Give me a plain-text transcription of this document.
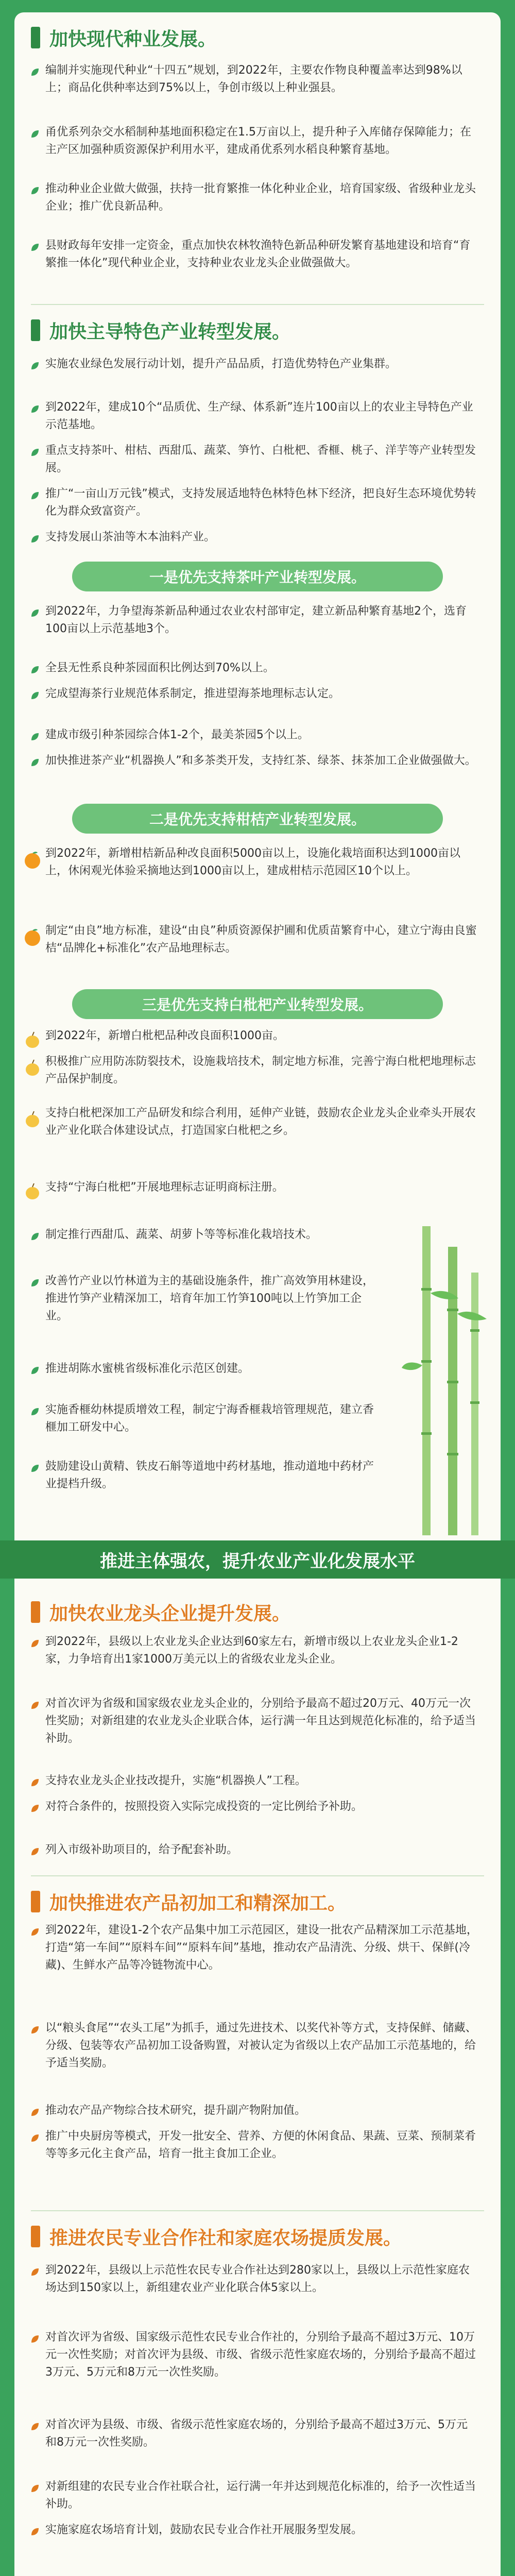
加快现代种业发展。
编制并实施现代种业“十四五”规划，到2022年，主要农作物良种覆盖率达到98%以上；商品化供种率达到75%以上，争创市级以上种业强县。
甬优系列杂交水稻制种基地面积稳定在1.5万亩以上，提升种子入库储存保障能力；在主产区加强种质资源保护利用水平，建成甬优系列水稻良种繁育基地。
推动种业企业做大做强，扶持一批育繁推一体化种业企业，培育国家级、省级种业龙头企业；推广优良新品种。
县财政每年安排一定资金，重点加快农林牧渔特色新品种研发繁育基地建设和培育“育繁推一体化”现代种业企业，支持种业农业龙头企业做强做大。
加快主导特色产业转型发展。
实施农业绿色发展行动计划，提升产品品质，打造优势特色产业集群。
到2022年，建成10个“品质优、生产绿、体系新”连片100亩以上的农业主导特色产业示范基地。
重点支持茶叶、柑桔、西甜瓜、蔬菜、笋竹、白枇杷、香榧、桃子、洋芋等产业转型发展。
推广“一亩山万元钱”模式，支持发展适地特色林特色林下经济，把良好生态环境优势转化为群众致富资产。
支持发展山茶油等木本油料产业。
一是优先支持茶叶产业转型发展。
到2022年，力争望海茶新品种通过农业农村部审定，建立新品种繁育基地2个，选育100亩以上示范基地3个。
全县无性系良种茶园面积比例达到70%以上。
完成望海茶行业规范体系制定，推进望海茶地理标志认定。
建成市级引种茶园综合体1-2个，最美茶园5个以上。
加快推进茶产业“机器换人”和多茶类开发，支持红茶、绿茶、抹茶加工企业做强做大。
二是优先支持柑桔产业转型发展。
到2022年，新增柑桔新品种改良面积5000亩以上，设施化栽培面积达到1000亩以上，休闲观光体验采摘地达到1000亩以上，建成柑桔示范园区10个以上。
制定“由良”地方标准，建设“由良”种质资源保护圃和优质苗繁育中心，建立宁海由良蜜桔“品牌化+标准化”农产品地理标志。
三是优先支持白枇杷产业转型发展。
到2022年，新增白枇杷品种改良面积1000亩。
积极推广应用防冻防裂技术，设施栽培技术，制定地方标准，完善宁海白枇杷地理标志产品保护制度。
支持白枇杷深加工产品研发和综合利用，延伸产业链，鼓励农企业龙头企业牵头开展农业产业化联合体建设试点，打造国家白枇杷之乡。
支持“宁海白枇杷”开展地理标志证明商标注册。
制定推行西甜瓜、蔬菜、胡萝卜等等标准化栽培技术。
改善竹产业以竹林道为主的基础设施条件，推广高效笋用林建设，推进竹笋产业精深加工，培育年加工竹笋100吨以上竹笋加工企业。
推进胡陈水蜜桃省级标准化示范区创建。
实施香榧幼林提质增效工程，制定宁海香榧栽培管理规范，建立香榧加工研发中心。
鼓励建设山黄精、铁皮石斛等道地中药材基地，推动道地中药材产业提档升级。
推进主体强农，提升农业产业化发展水平
加快农业龙头企业提升发展。
到2022年，县级以上农业龙头企业达到60家左右，新增市级以上农业龙头企业1-2家，力争培育出1家1000万美元以上的省级农业龙头企业。
对首次评为省级和国家级农业龙头企业的，分别给予最高不超过20万元、40万元一次性奖励；对新组建的农业龙头企业联合体，运行满一年且达到规范化标准的，给予适当补助。
支持农业龙头企业技改提升，实施“机器换人”工程。
对符合条件的，按照投资入实际完成投资的一定比例给予补助。
列入市级补助项目的，给予配套补助。
加快推进农产品初加工和精深加工。
到2022年，建设1-2个农产品集中加工示范园区，建设一批农产品精深加工示范基地，打造“第一车间”“原料车间”“原料车间”基地，推动农产品清洗、分级、烘干、保鲜(冷藏)、生鲜水产品等冷链物流中心。
以“粮头食尾”“农头工尾”为抓手，通过先进技术、以奖代补等方式，支持保鲜、储藏、分级、包装等农产品初加工设备购置，对被认定为省级以上农产品加工示范基地的，给予适当奖励。
推动农产品产物综合技术研究，提升副产物附加值。
推广中央厨房等模式，开发一批安全、营养、方便的休闲食品、果蔬、豆菜、预制菜肴等等多元化主食产品，培育一批主食加工企业。
推进农民专业合作社和家庭农场提质发展。
到2022年，县级以上示范性农民专业合作社达到280家以上，县级以上示范性家庭农场达到150家以上，新组建农业产业化联合体5家以上。
对首次评为省级、国家级示范性农民专业合作社的，分别给予最高不超过3万元、10万元一次性奖励；对首次评为县级、市级、省级示范性家庭农场的，分别给予最高不超过3万元、5万元和8万元一次性奖励。
对首次评为县级、市级、省级示范性家庭农场的，分别给予最高不超过3万元、5万元和8万元一次性奖励。
对新组建的农民专业合作社联合社，运行满一年并达到规范化标准的，给予一次性适当补助。
实施家庭农场培育计划，鼓励农民专业合作社开展服务型发展。
